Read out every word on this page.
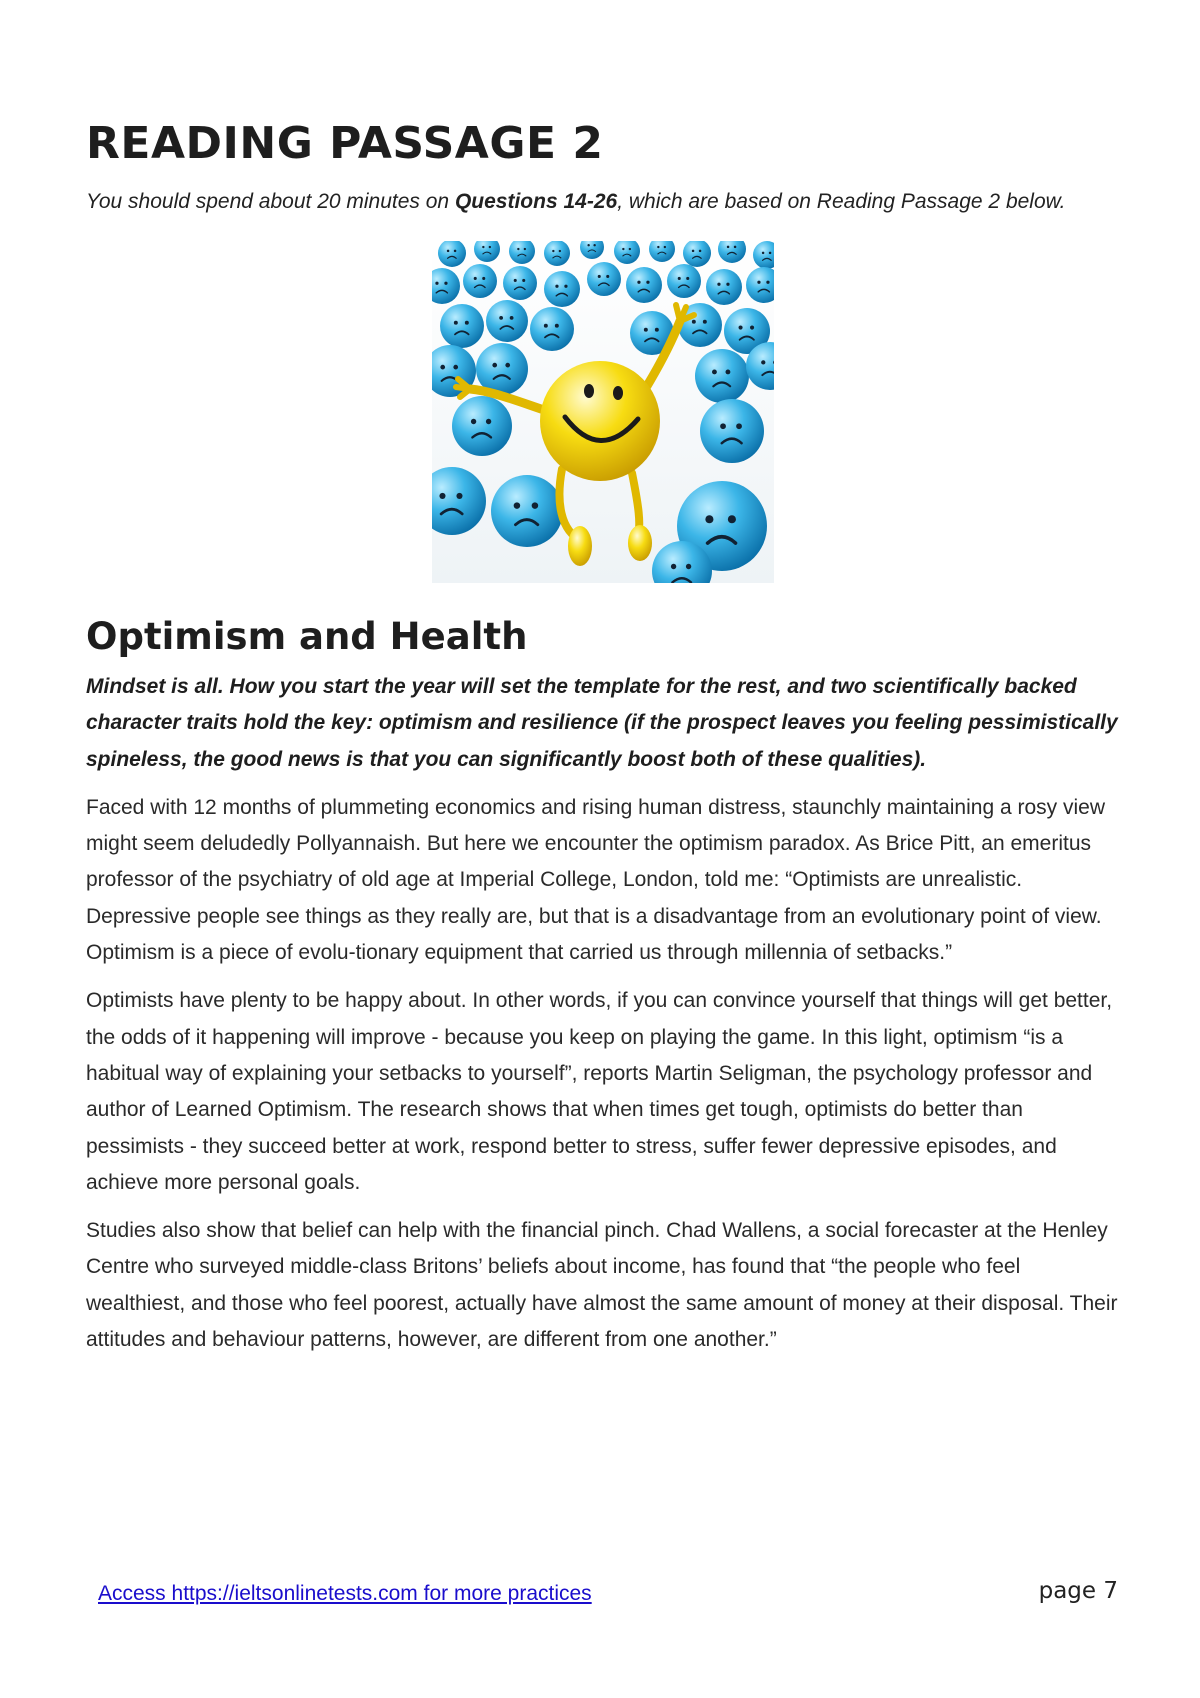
READING PASSAGE 2

You should spend about 20 minutes on Questions 14-26, which are based on Reading Passage 2 below.

Optimism and Health

Mindset is all. How you start the year will set the template for the rest, and two scientifically backed character traits hold the key: optimism and resilience (if the prospect leaves you feeling pessimistically spineless, the good news is that you can significantly boost both of these qualities).

Faced with 12 months of plummeting economics and rising human distress, staunchly maintaining a rosy view might seem deludedly Pollyannaish. But here we encounter the optimism paradox. As Brice Pitt, an emeritus professor of the psychiatry of old age at Imperial College, London, told me: “Optimists are unrealistic. Depressive people see things as they really are, but that is a disadvantage from an evolutionary point of view. Optimism is a piece of evolu-tionary equipment that carried us through millennia of setbacks.”

Optimists have plenty to be happy about. In other words, if you can convince yourself that things will get better, the odds of it happening will improve - because you keep on playing the game. In this light, optimism “is a habitual way of explaining your setbacks to yourself”, reports Martin Seligman, the psychology professor and author of Learned Optimism. The research shows that when times get tough, optimists do better than pessimists - they succeed better at work, respond better to stress, suffer fewer depressive episodes, and achieve more personal goals.

Studies also show that belief can help with the financial pinch. Chad Wallens, a social forecaster at the Henley Centre who surveyed middle-class Britons’ beliefs about income, has found that “the people who feel wealthiest, and those who feel poorest, actually have almost the same amount of money at their disposal. Their attitudes and behaviour patterns, however, are different from one another.”

Access https://ieltsonlinetests.com for more practices	page 7
